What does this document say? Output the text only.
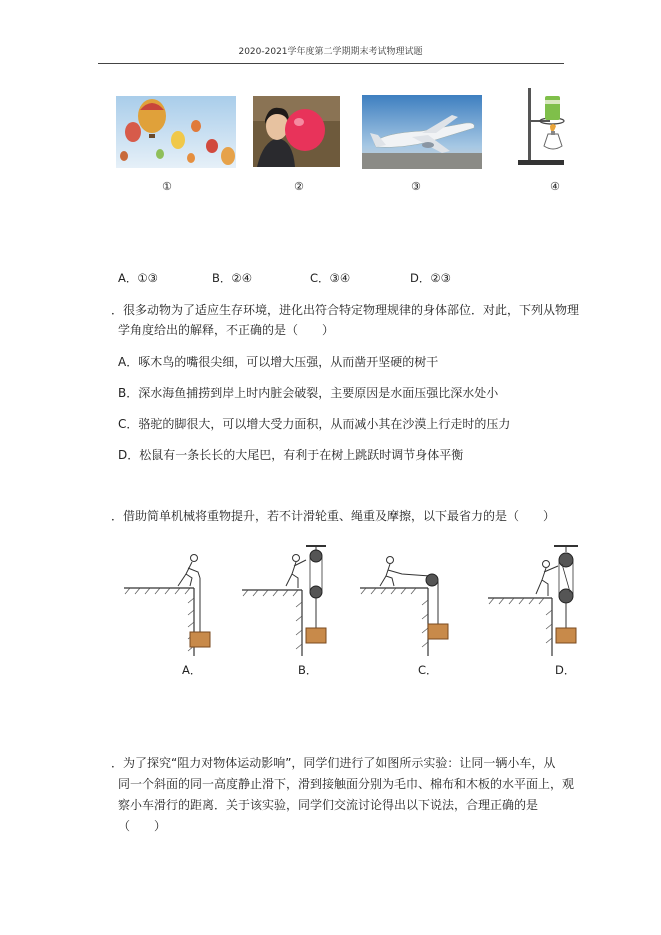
2020-2021学年度第二学期期末考试物理试题
①	②	③	④
A．①③	B．②④	C．③④	D．②③
．很多动物为了适应生存环境，进化出符合特定物理规律的身体部位．对此，下列从物理
学角度给出的解释，不正确的是（　　）
A．啄木鸟的嘴很尖细，可以增大压强，从而凿开坚硬的树干
B．深水海鱼捕捞到岸上时内脏会破裂，主要原因是水面压强比深水处小
C．骆驼的脚很大，可以增大受力面积，从而减小其在沙漠上行走时的压力
D．松鼠有一条长长的大尾巴，有利于在树上跳跃时调节身体平衡
．借助简单机械将重物提升，若不计滑轮重、绳重及摩擦，以下最省力的是（　　）
A．	B．	C．	D．
．为了探究“阻力对物体运动影响”，同学们进行了如图所示实验：让同一辆小车，从
同一个斜面的同一高度静止滑下，滑到接触面分别为毛巾、棉布和木板的水平面上，观
察小车滑行的距离．关于该实验，同学们交流讨论得出以下说法，合理正确的是
（　　）
